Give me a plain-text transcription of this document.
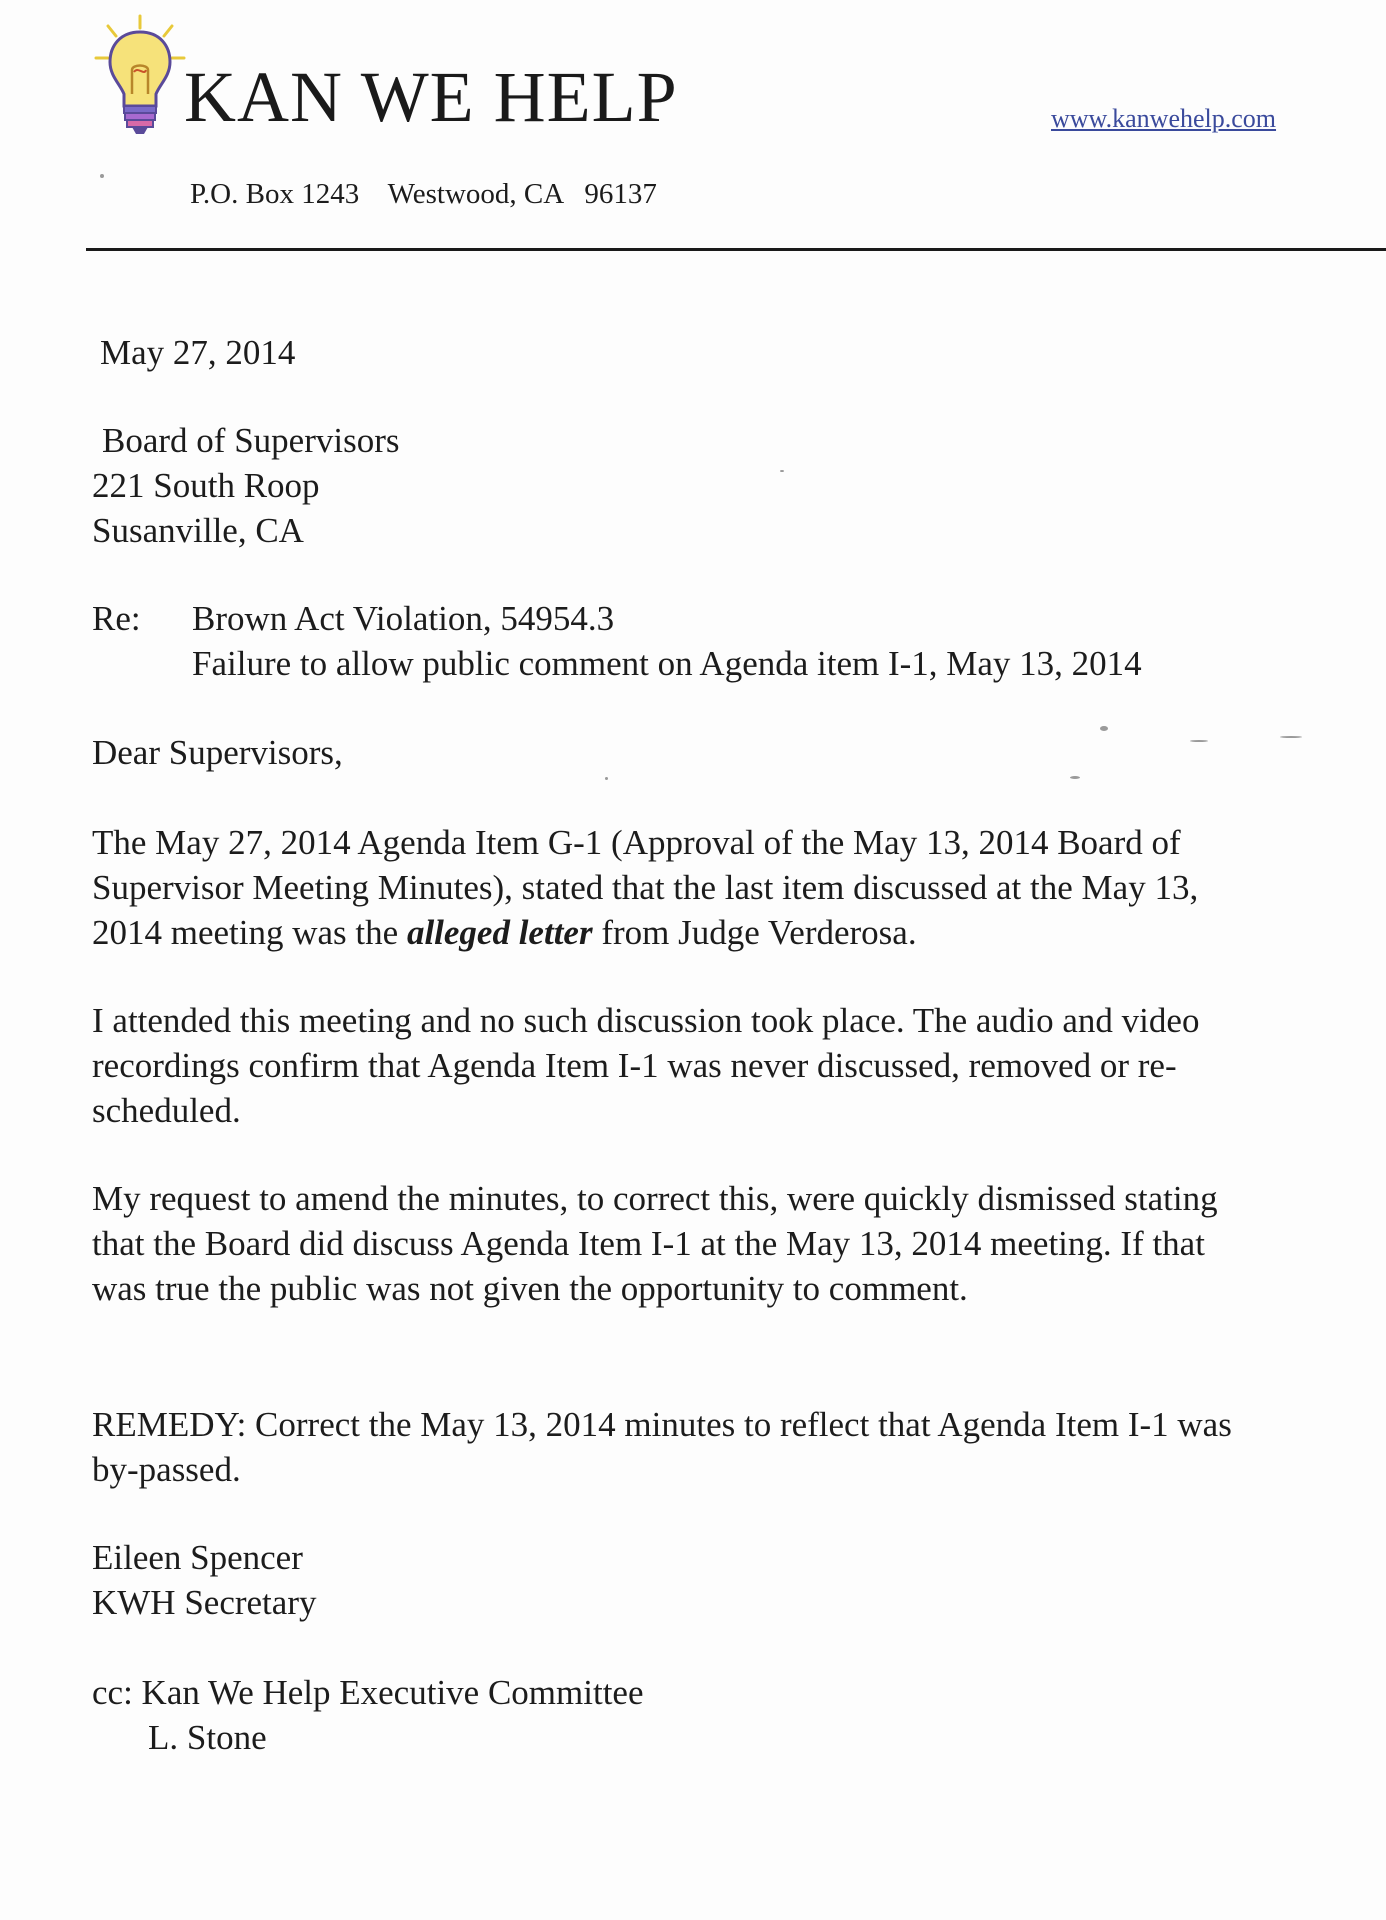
KAN WE HELP	www.kanwehelp.com
P.O. Box 1243    Westwood, CA   96137
May 27, 2014
Board of Supervisors
221 South Roop
Susanville, CA
Re: Brown Act Violation, 54954.3
Failure to allow public comment on Agenda item I-1, May 13, 2014
Dear Supervisors,
The May 27, 2014 Agenda Item G-1 (Approval of the May 13, 2014 Board of
Supervisor Meeting Minutes), stated that the last item discussed at the May 13,
2014 meeting was the alleged letter from Judge Verderosa.
I attended this meeting and no such discussion took place. The audio and video
recordings confirm that Agenda Item I-1 was never discussed, removed or re-
scheduled.
My request to amend the minutes, to correct this, were quickly dismissed stating
that the Board did discuss Agenda Item I-1 at the May 13, 2014 meeting. If that
was true the public was not given the opportunity to comment.
REMEDY: Correct the May 13, 2014 minutes to reflect that Agenda Item I-1 was
by-passed.
Eileen Spencer
KWH Secretary
cc: Kan We Help Executive Committee
L. Stone
